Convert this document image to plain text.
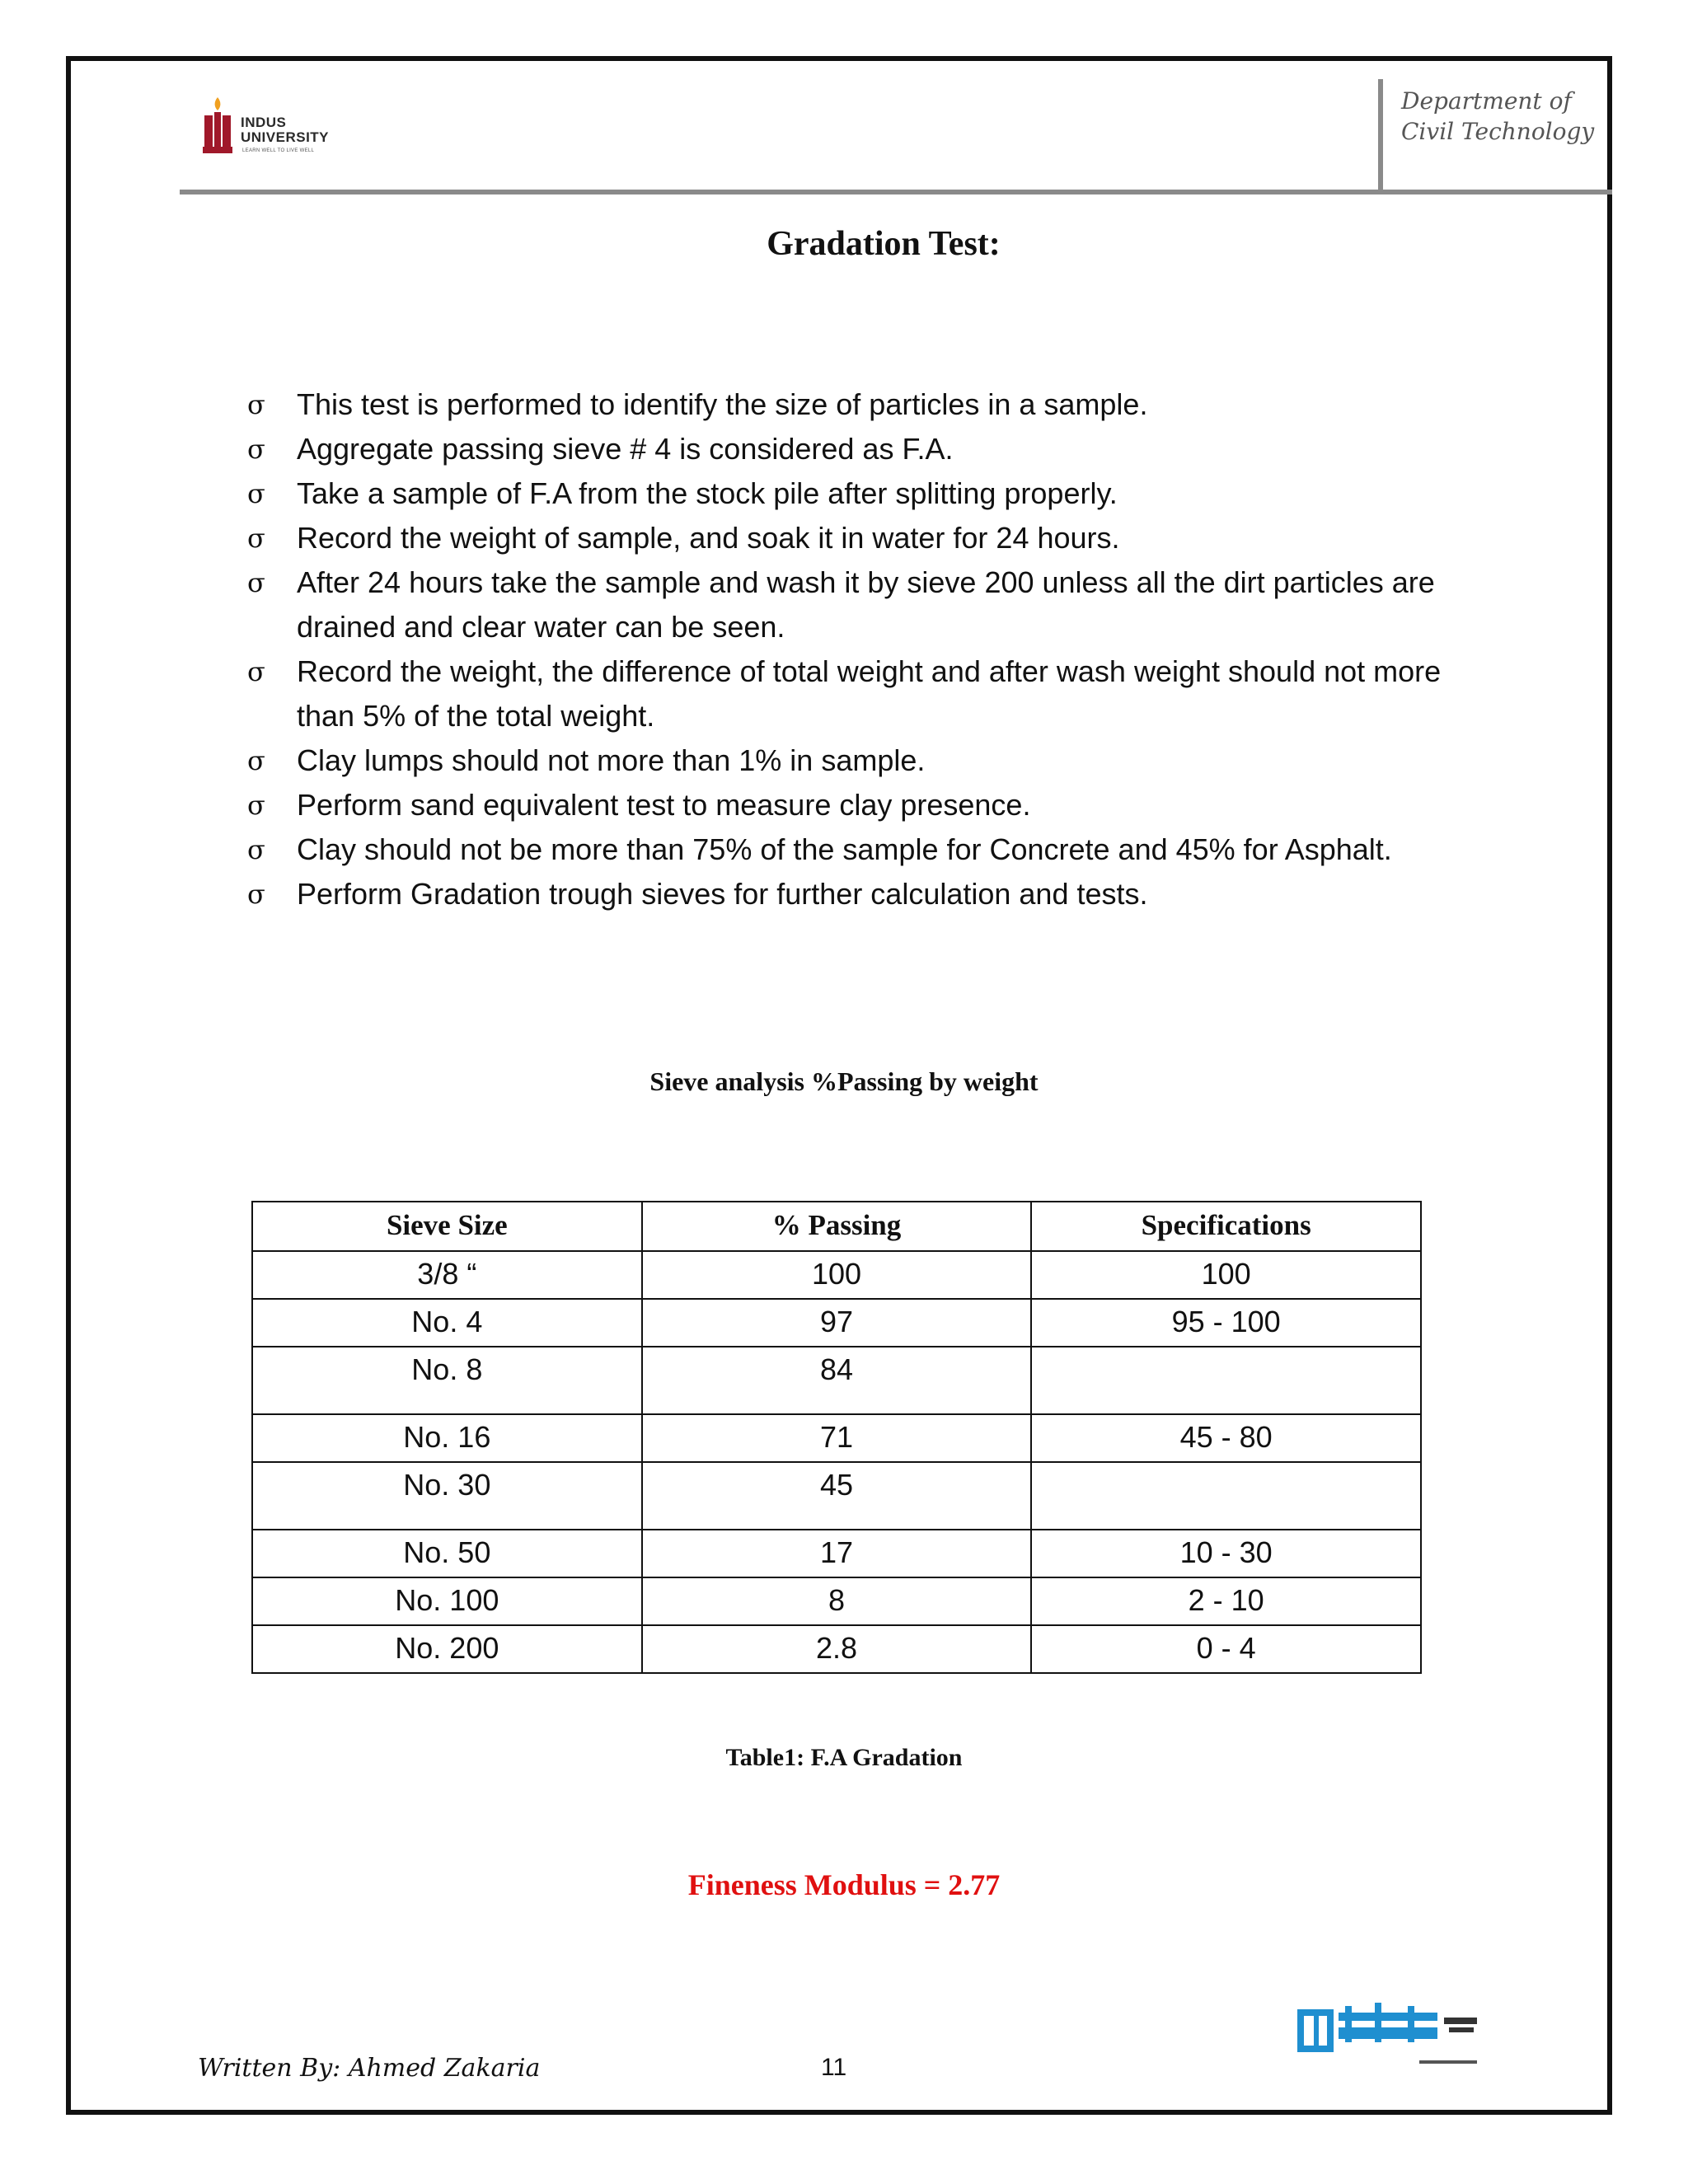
INDUS
UNIVERSITY
LEARN WELL TO LIVE WELL
Department of Civil Technology
Gradation Test:
σ This test is performed to identify the size of particles in a sample.
σ Aggregate passing sieve # 4 is considered as F.A.
σ Take a sample of F.A from the stock pile after splitting properly.
σ Record the weight of sample, and soak it in water for 24 hours.
σ After 24 hours take the sample and wash it by sieve 200 unless all the dirt particles are drained and clear water can be seen.
σ Record the weight, the difference of total weight and after wash weight should not more than 5% of the total weight.
σ Clay lumps should not more than 1% in sample.
σ Perform sand equivalent test to measure clay presence.
σ Clay should not be more than 75% of the sample for Concrete and 45% for Asphalt.
σ Perform Gradation trough sieves for further calculation and tests.
Sieve analysis %Passing by weight
Sieve Size	% Passing	Specifications
3/8 “	100	100
No. 4	97	95 - 100
No. 8	84	
No. 16	71	45 - 80
No. 30	45	
No. 50	17	10 - 30
No. 100	8	2 - 10
No. 200	2.8	0 - 4
Table1: F.A Gradation
Fineness Modulus = 2.77
Written By: Ahmed Zakaria	11
